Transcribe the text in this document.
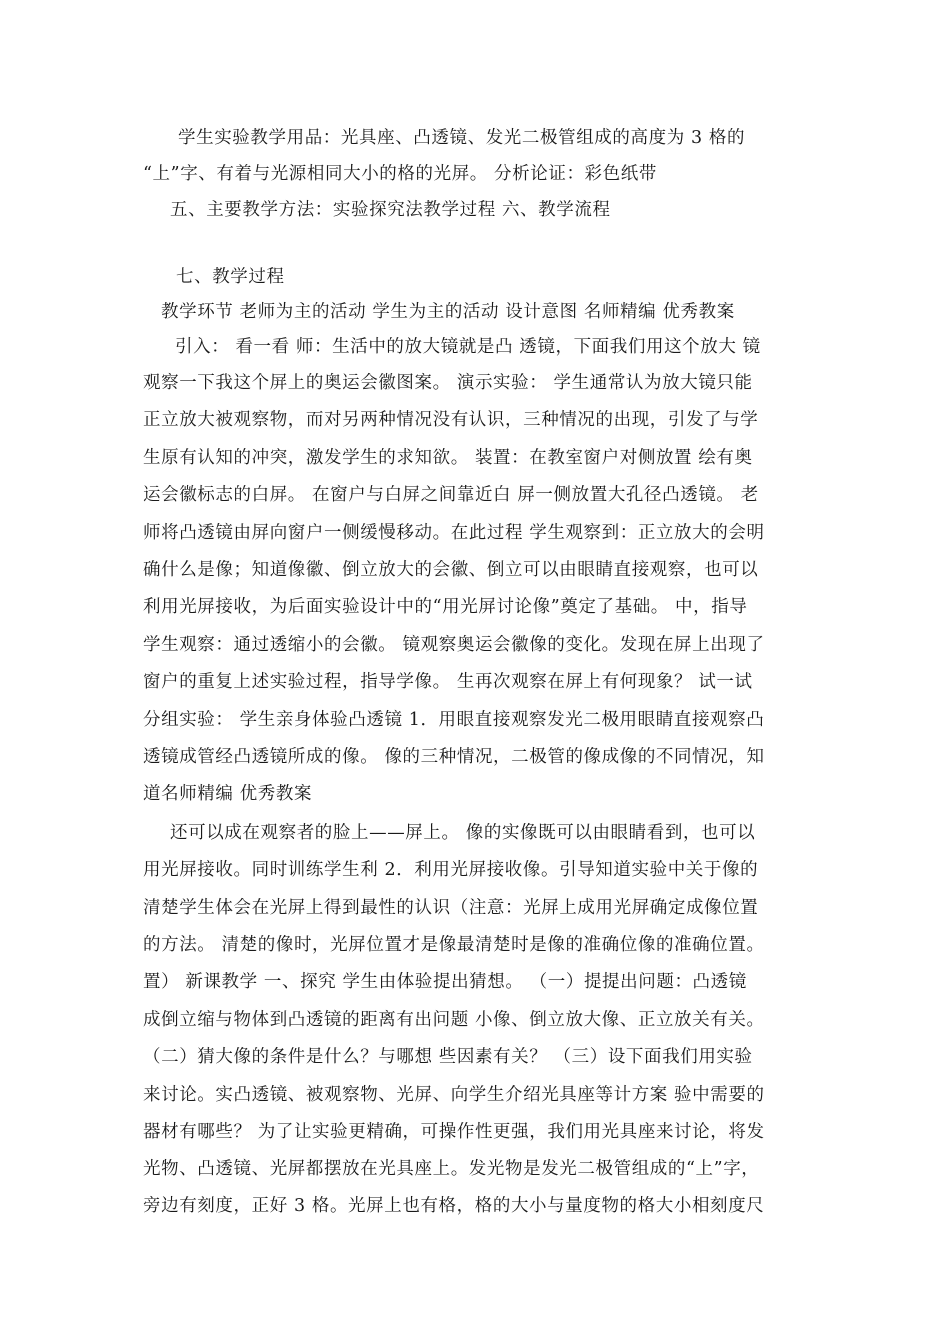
学生实验教学用品：光具座、凸透镜、发光二极管组成的高度为 3 格的
“上”字、有着与光源相同大小的格的光屏。 分析论证：彩色纸带
五、主要教学方法：实验探究法教学过程 六、教学流程
七、教学过程
教学环节 老师为主的活动 学生为主的活动 设计意图 名师精编 优秀教案
引入： 看一看 师：生活中的放大镜就是凸 透镜，下面我们用这个放大 镜
观察一下我这个屏上的奥运会徽图案。 演示实验： 学生通常认为放大镜只能
正立放大被观察物，而对另两种情况没有认识，三种情况的出现，引发了与学
生原有认知的冲突，激发学生的求知欲。 装置：在教室窗户对侧放置 绘有奥
运会徽标志的白屏。 在窗户与白屏之间靠近白 屏一侧放置大孔径凸透镜。 老
师将凸透镜由屏向窗户一侧缓慢移动。在此过程 学生观察到：正立放大的会明
确什么是像；知道像徽、倒立放大的会徽、倒立可以由眼睛直接观察，也可以
利用光屏接收，为后面实验设计中的“用光屏讨论像”奠定了基础。 中，指导
学生观察：通过透缩小的会徽。 镜观察奥运会徽像的变化。发现在屏上出现了
窗户的重复上述实验过程，指导学像。 生再次观察在屏上有何现象？ 试一试
分组实验： 学生亲身体验凸透镜 1．用眼直接观察发光二极用眼睛直接观察凸
透镜成管经凸透镜所成的像。 像的三种情况，二极管的像成像的不同情况，知
道名师精编 优秀教案
还可以成在观察者的脸上——屏上。 像的实像既可以由眼睛看到，也可以
用光屏接收。同时训练学生利 2．利用光屏接收像。引导知道实验中关于像的
清楚学生体会在光屏上得到最性的认识（注意：光屏上成用光屏确定成像位置
的方法。 清楚的像时，光屏位置才是像最清楚时是像的准确位像的准确位置。
置） 新课教学 一、探究 学生由体验提出猜想。 （一）提提出问题：凸透镜
成倒立缩与物体到凸透镜的距离有出问题 小像、倒立放大像、正立放关有关。
（二）猜大像的条件是什么？与哪想 些因素有关？ （三）设下面我们用实验
来讨论。实凸透镜、被观察物、光屏、向学生介绍光具座等计方案 验中需要的
器材有哪些？ 为了让实验更精确，可操作性更强，我们用光具座来讨论，将发
光物、凸透镜、光屏都摆放在光具座上。发光物是发光二极管组成的“上”字，
旁边有刻度，正好 3 格。光屏上也有格，格的大小与量度物的格大小相刻度尺
